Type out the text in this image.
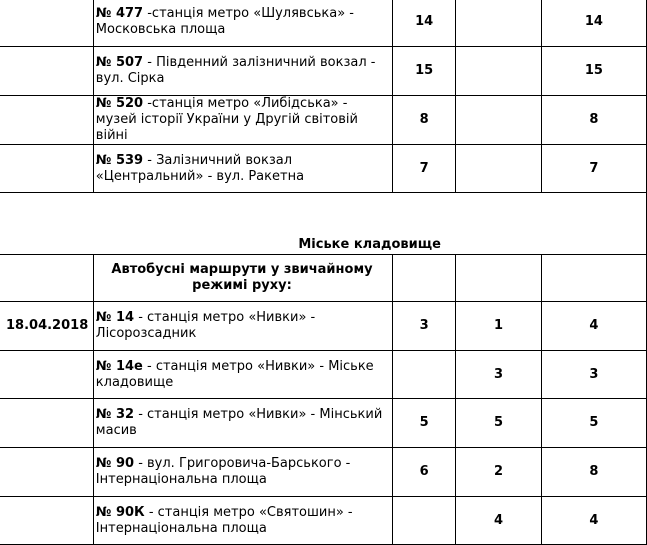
	№ 477 -станція метро «Шулявська» - Московська площа	14		14
	№ 507 - Південний залізничний вокзал - вул. Сірка	15		15
	№ 520 -станція метро «Либідська» - музей історії України у Другій світовій війні	8		8
	№ 539 - Залізничний вокзал «Центральний» - вул. Ракетна	7		7
	Міське кладовище			
	Автобусні маршрути у звичайному режимі руху:			
18.04.2018	№ 14 - станція метро «Нивки» - Лісорозсадник	3	1	4
	№ 14е - станція метро «Нивки» - Міське кладовище		3	3
	№ 32 - станція метро «Нивки» - Мінський масив	5	5	5
	№ 90 - вул. Григоровича-Барського - Інтернаціональна площа	6	2	8
	№ 90К - станція метро «Святошин» - Інтернаціональна площа		4	4
